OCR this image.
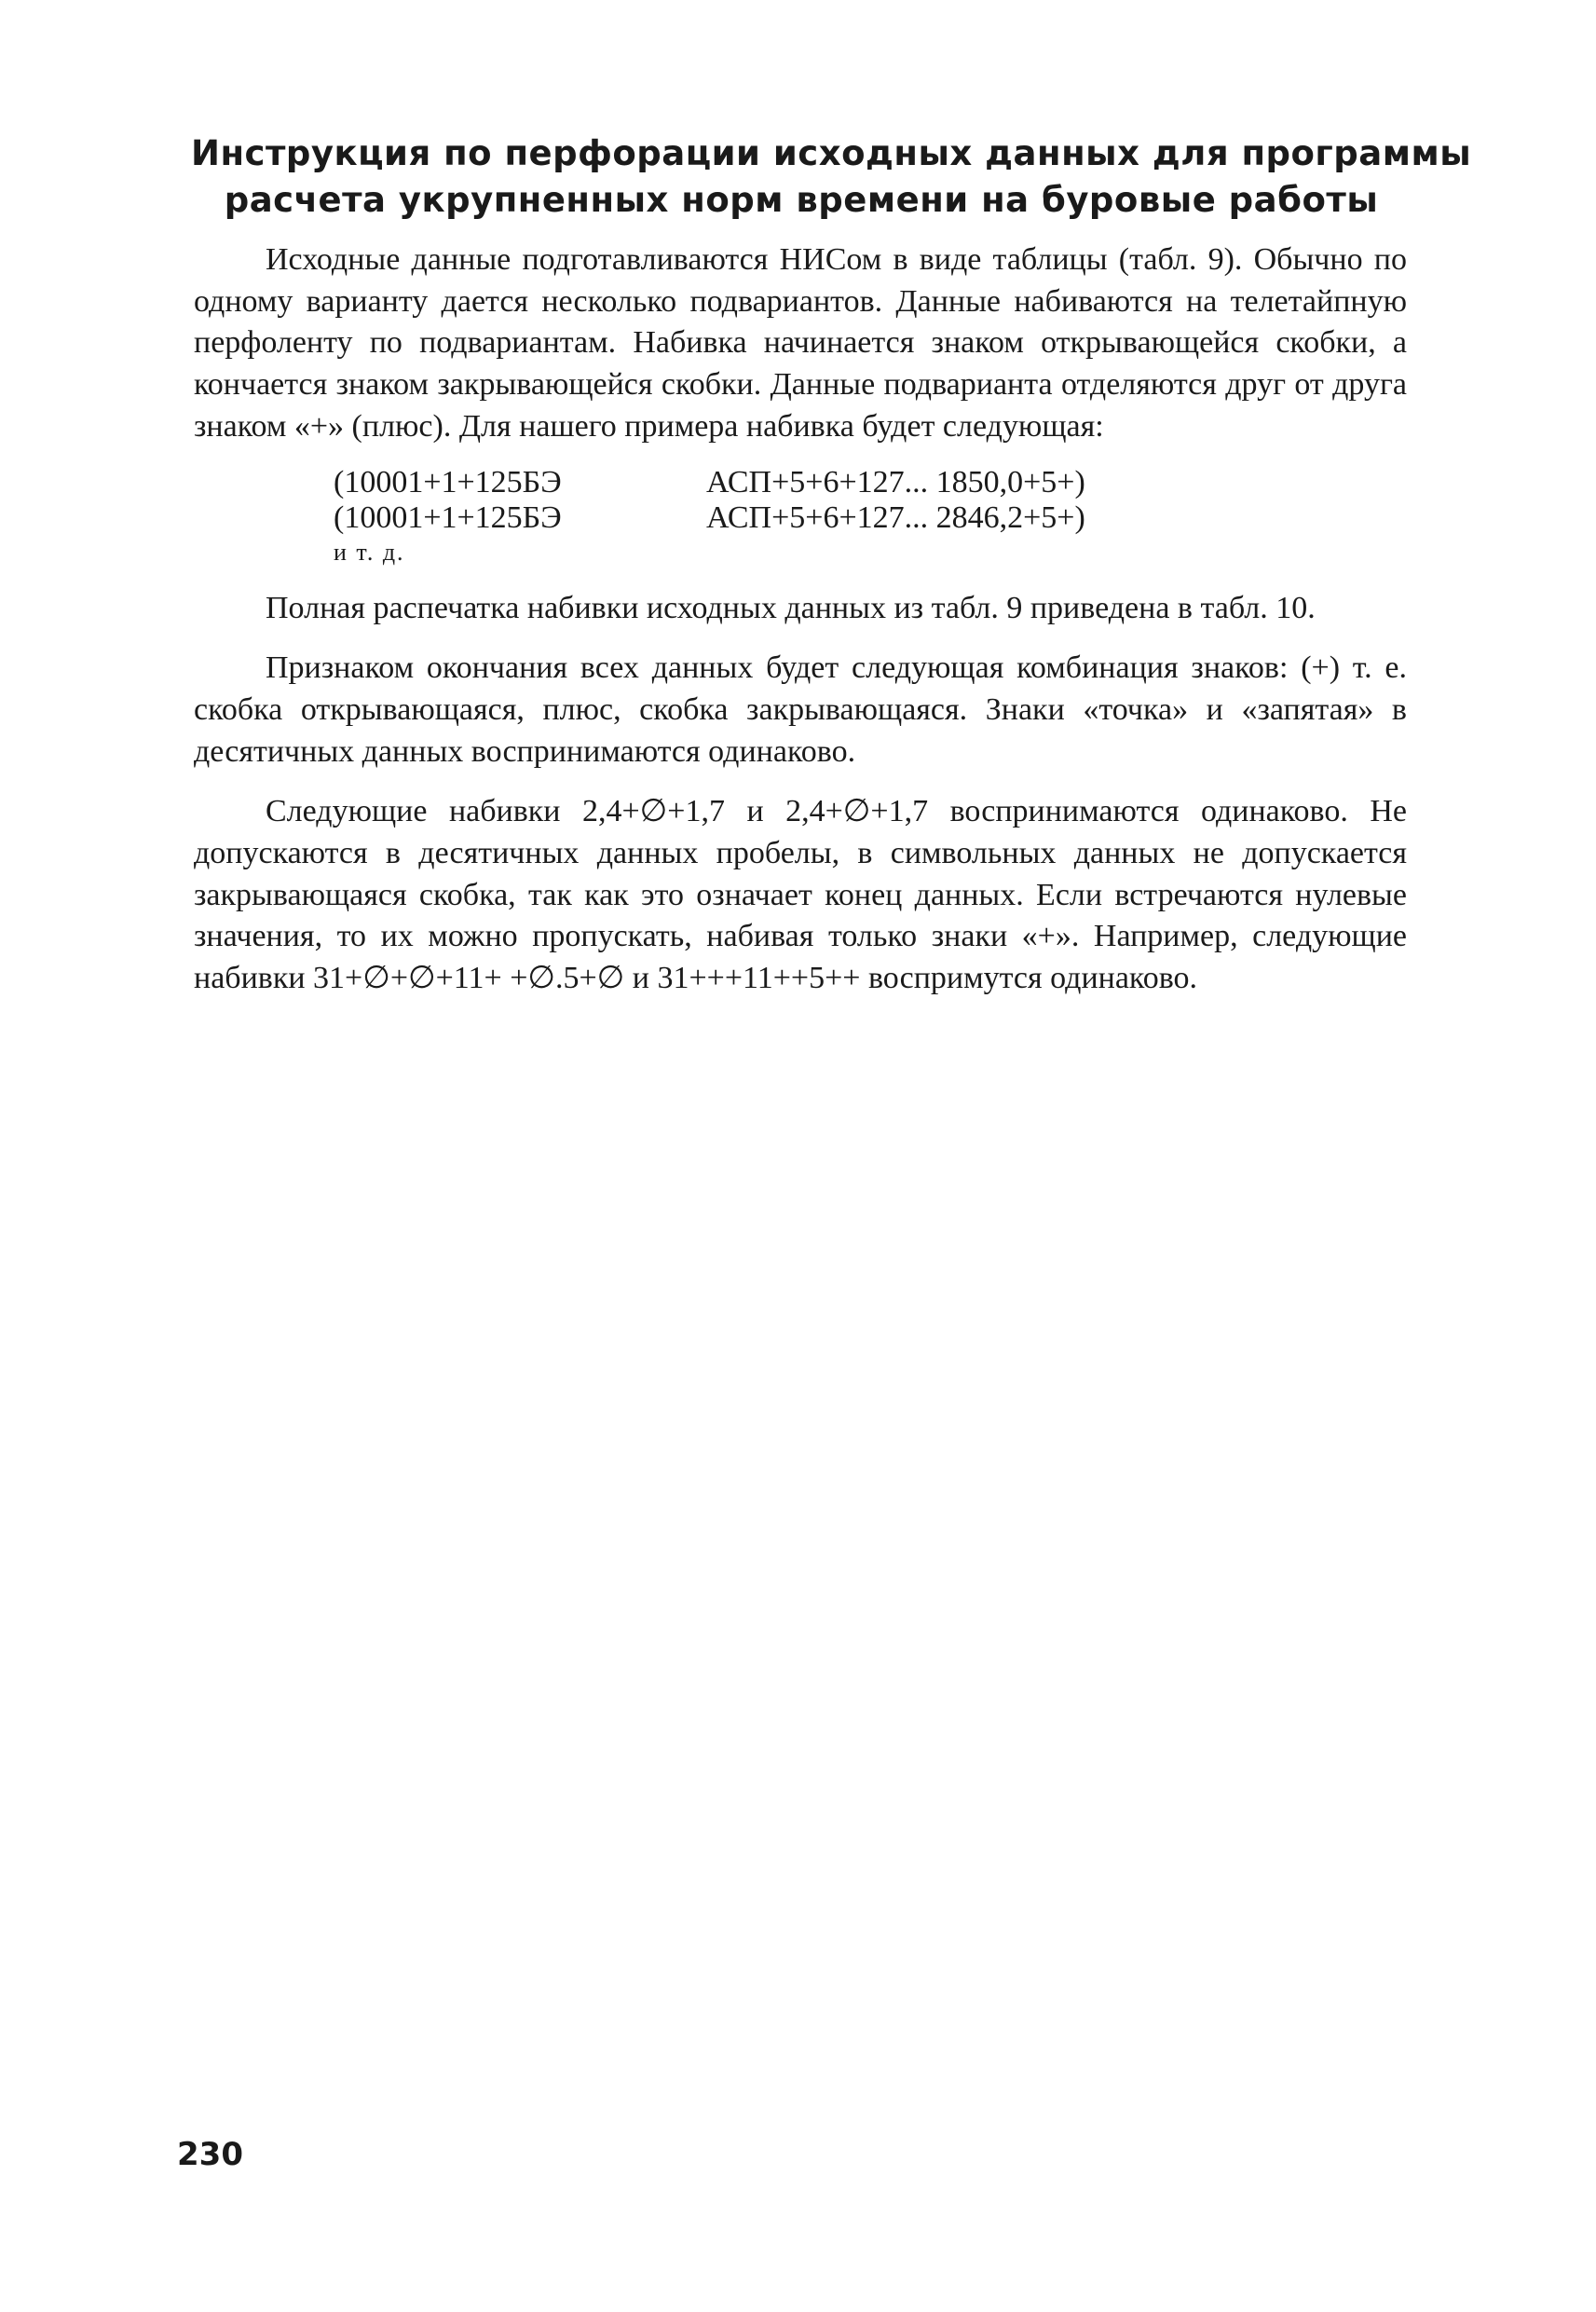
Инструкция по перфорации исходных данных для программы
расчета укрупненных норм времени на буровые работы

Исходные данные подготавливаются НИСом в виде таблицы (табл. 9). Обычно по одному варианту дается несколько подвариантов. Данные набиваются на телетайпную перфоленту по подвариантам. Набивка начинается знаком открывающейся скобки, а кончается знаком закрывающейся скобки. Данные подварианта отделяются друг от друга знаком «+» (плюс). Для нашего примера набивка будет следующая:

(10001+1+125БЭ	АСП+5+6+127... 1850,0+5+)
(10001+1+125БЭ	АСП+5+6+127... 2846,2+5+)
и т. д.

Полная распечатка набивки исходных данных из табл. 9 приведена в табл. 10.

Признаком окончания всех данных будет следующая комбинация знаков: (+) т. е. скобка открывающаяся, плюс, скобка закрывающаяся. Знаки «точка» и «запятая» в десятичных данных воспринимаются одинаково.

Следующие набивки 2,4+∅+1,7 и 2,4+∅+1,7 воспринимаются одинаково. Не допускаются в десятичных данных пробелы, в символьных данных не допускается закрывающаяся скобка, так как это означает конец данных. Если встречаются нулевые значения, то их можно пропускать, набивая только знаки «+». Например, следующие набивки 31+∅+∅+11+ +∅.5+∅ и 31+++11++5++ воспримутся одинаково.

230
